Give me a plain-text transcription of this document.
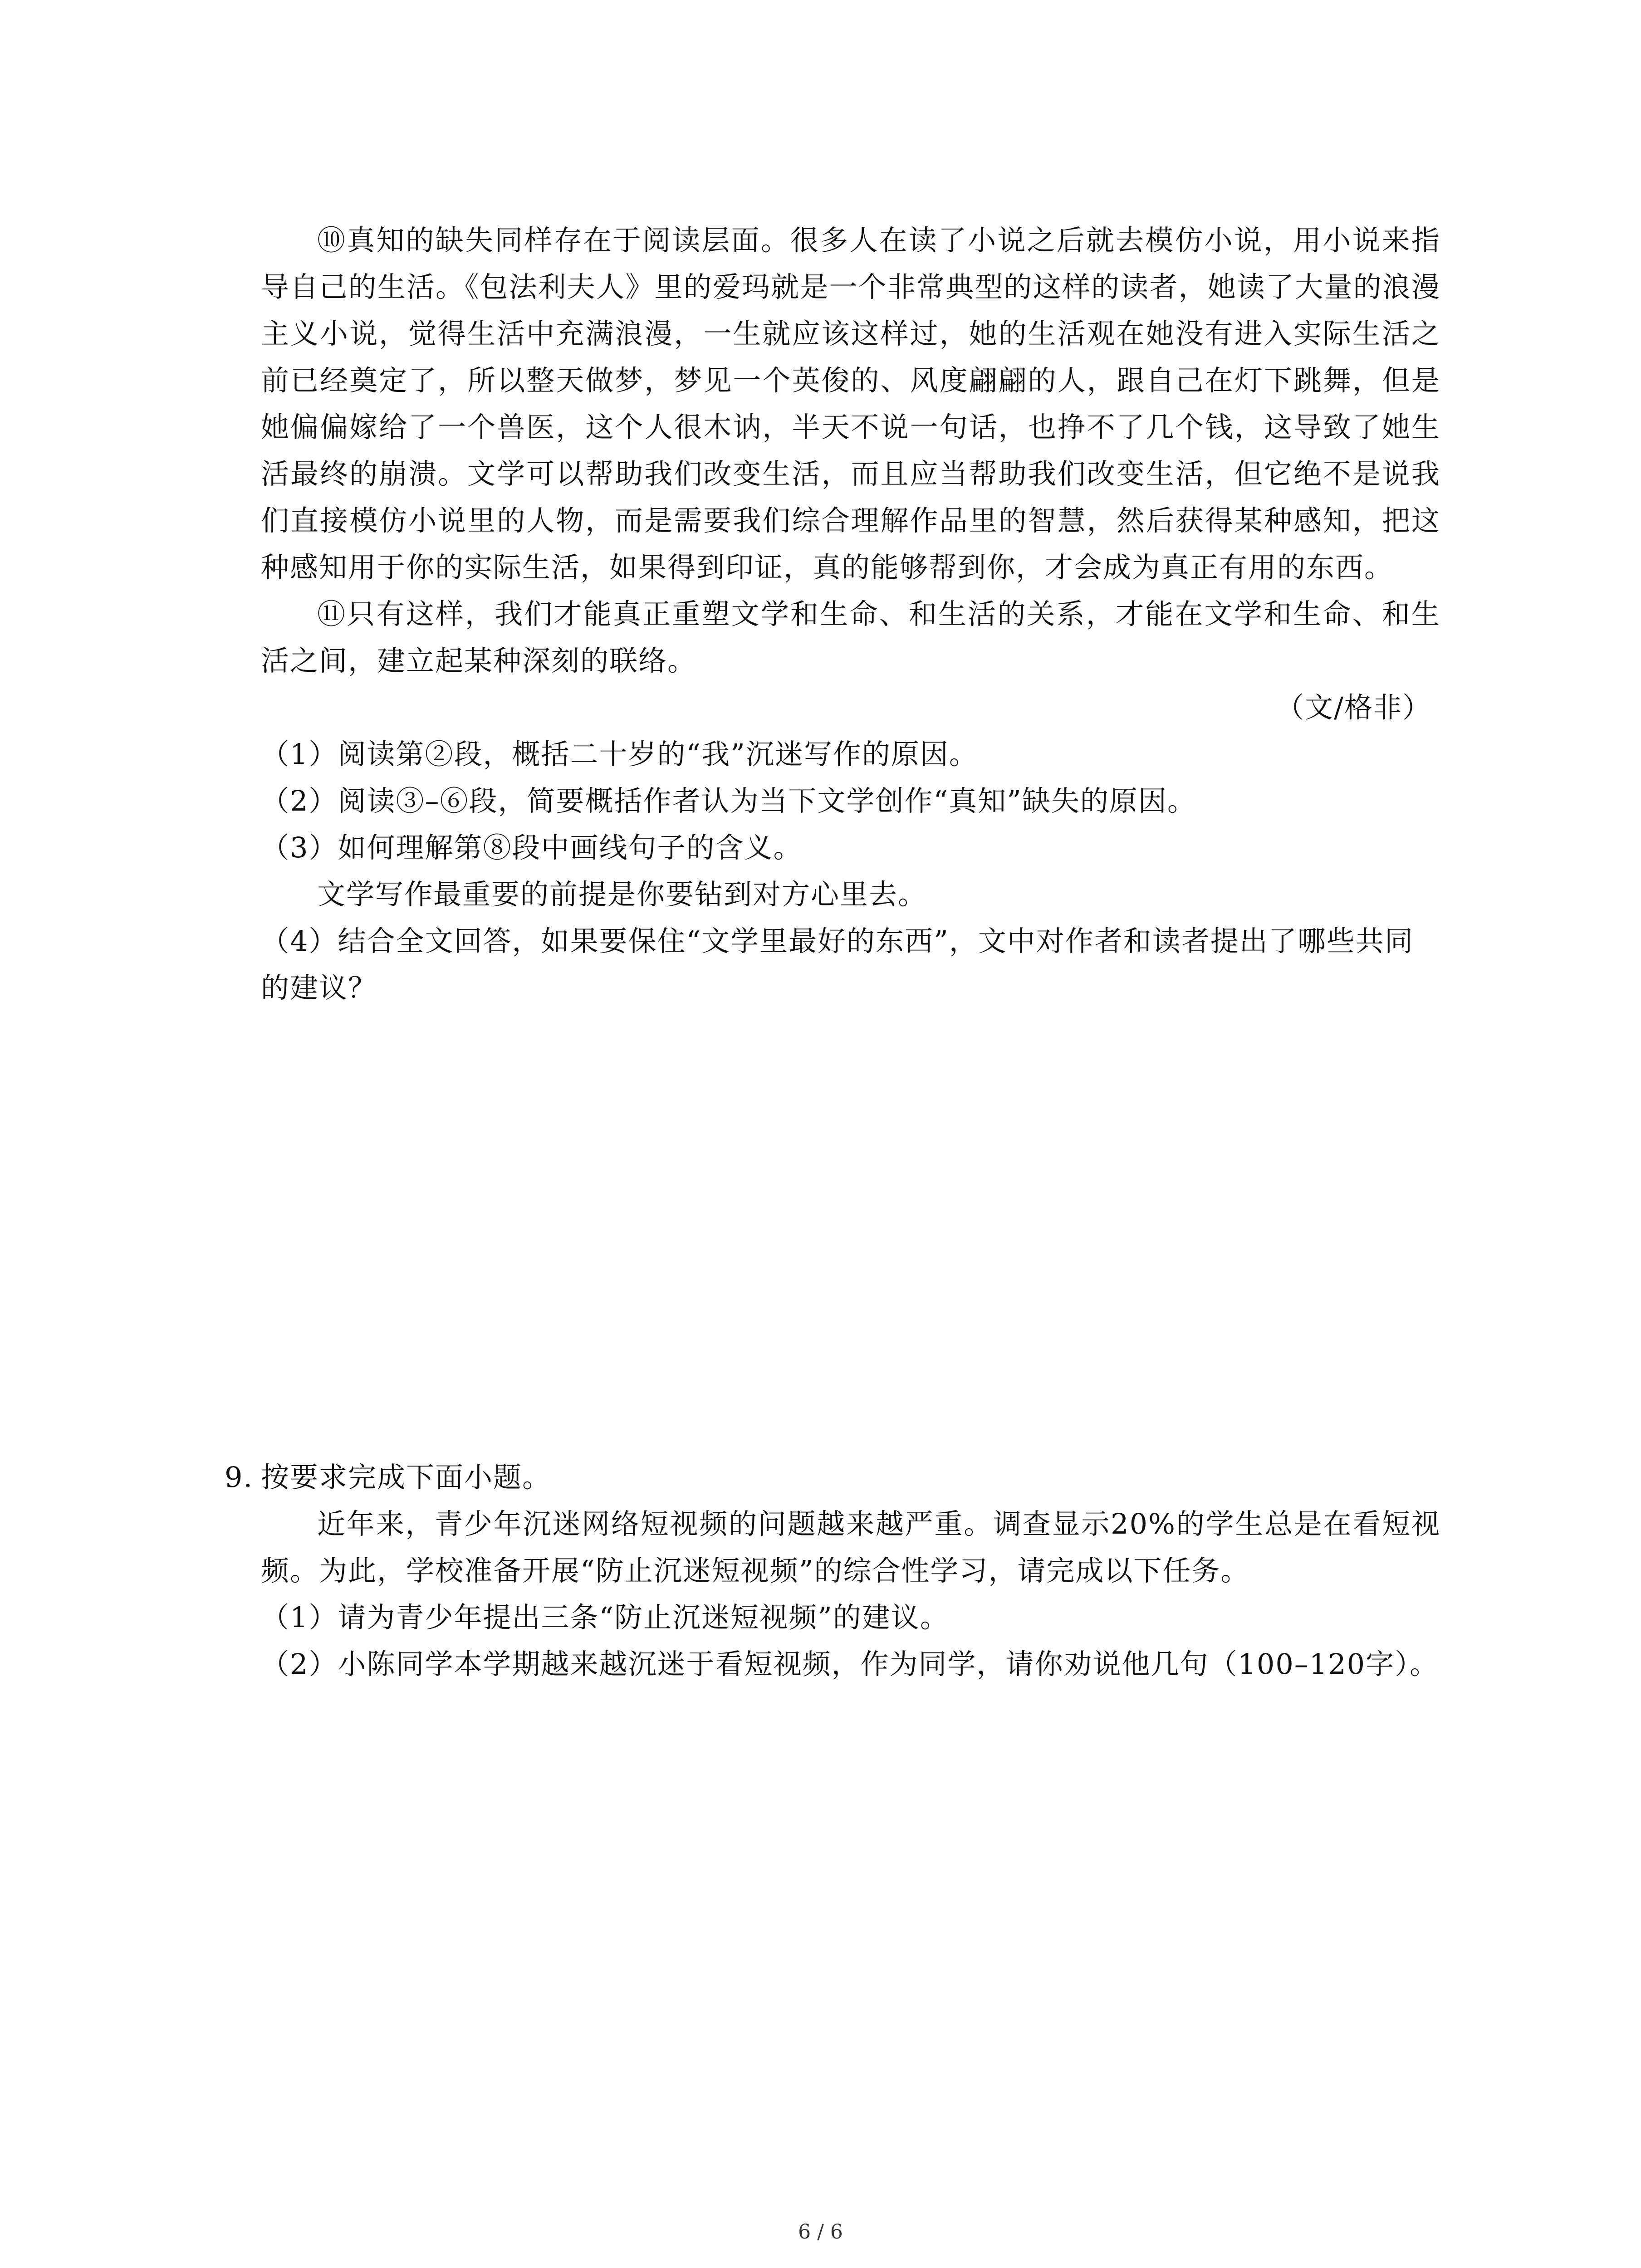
⑩真知的缺失同样存在于阅读层面。很多人在读了小说之后就去模仿小说，用小说来指导自己的生活。《包法利夫人》里的爱玛就是一个非常典型的这样的读者，她读了大量的浪漫主义小说，觉得生活中充满浪漫，一生就应该这样过，她的生活观在她没有进入实际生活之前已经奠定了，所以整天做梦，梦见一个英俊的、风度翩翩的人，跟自己在灯下跳舞，但是她偏偏嫁给了一个兽医，这个人很木讷，半天不说一句话，也挣不了几个钱，这导致了她生活最终的崩溃。文学可以帮助我们改变生活，而且应当帮助我们改变生活，但它绝不是说我们直接模仿小说里的人物，而是需要我们综合理解作品里的智慧，然后获得某种感知，把这种感知用于你的实际生活，如果得到印证，真的能够帮到你，才会成为真正有用的东西。

⑪只有这样，我们才能真正重塑文学和生命、和生活的关系，才能在文学和生命、和生活之间，建立起某种深刻的联络。

（文/格非）

（1）阅读第②段，概括二十岁的“我”沉迷写作的原因。

（2）阅读③–⑥段，简要概括作者认为当下文学创作“真知”缺失的原因。

（3）如何理解第⑧段中画线句子的含义。

文学写作最重要的前提是你要钻到对方心里去。

（4）结合全文回答，如果要保住“文学里最好的东西”，文中对作者和读者提出了哪些共同的建议？

9. 按要求完成下面小题。

近年来，青少年沉迷网络短视频的问题越来越严重。调查显示20%的学生总是在看短视频。为此，学校准备开展“防止沉迷短视频”的综合性学习，请完成以下任务。

（1）请为青少年提出三条“防止沉迷短视频”的建议。

（2）小陈同学本学期越来越沉迷于看短视频，作为同学，请你劝说他几句（100–120字）。

6 / 6
